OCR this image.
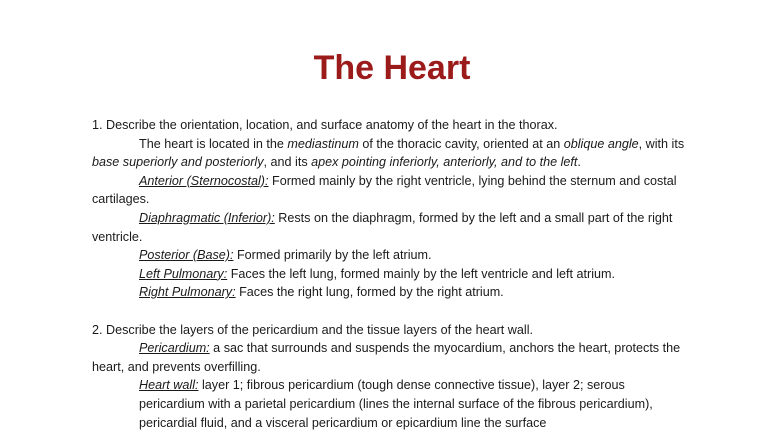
The Heart

1. Describe the orientation, location, and surface anatomy of the heart in the thorax.

The heart is located in the mediastinum of the thoracic cavity, oriented at an oblique angle, with its base superiorly and posteriorly, and its apex pointing inferiorly, anteriorly, and to the left.

Anterior (Sternocostal): Formed mainly by the right ventricle, lying behind the sternum and costal cartilages.

Diaphragmatic (Inferior): Rests on the diaphragm, formed by the left and a small part of the right ventricle.

Posterior (Base): Formed primarily by the left atrium.

Left Pulmonary: Faces the left lung, formed mainly by the left ventricle and left atrium.

Right Pulmonary: Faces the right lung, formed by the right atrium.

2. Describe the layers of the pericardium and the tissue layers of the heart wall.

Pericardium: a sac that surrounds and suspends the myocardium, anchors the heart, protects the heart, and prevents overfilling.

Heart wall: layer 1; fibrous pericardium (tough dense connective tissue), layer 2; serous pericardium with a parietal pericardium (lines the internal surface of the fibrous pericardium), pericardial fluid, and a visceral pericardium or epicardium line the surface
